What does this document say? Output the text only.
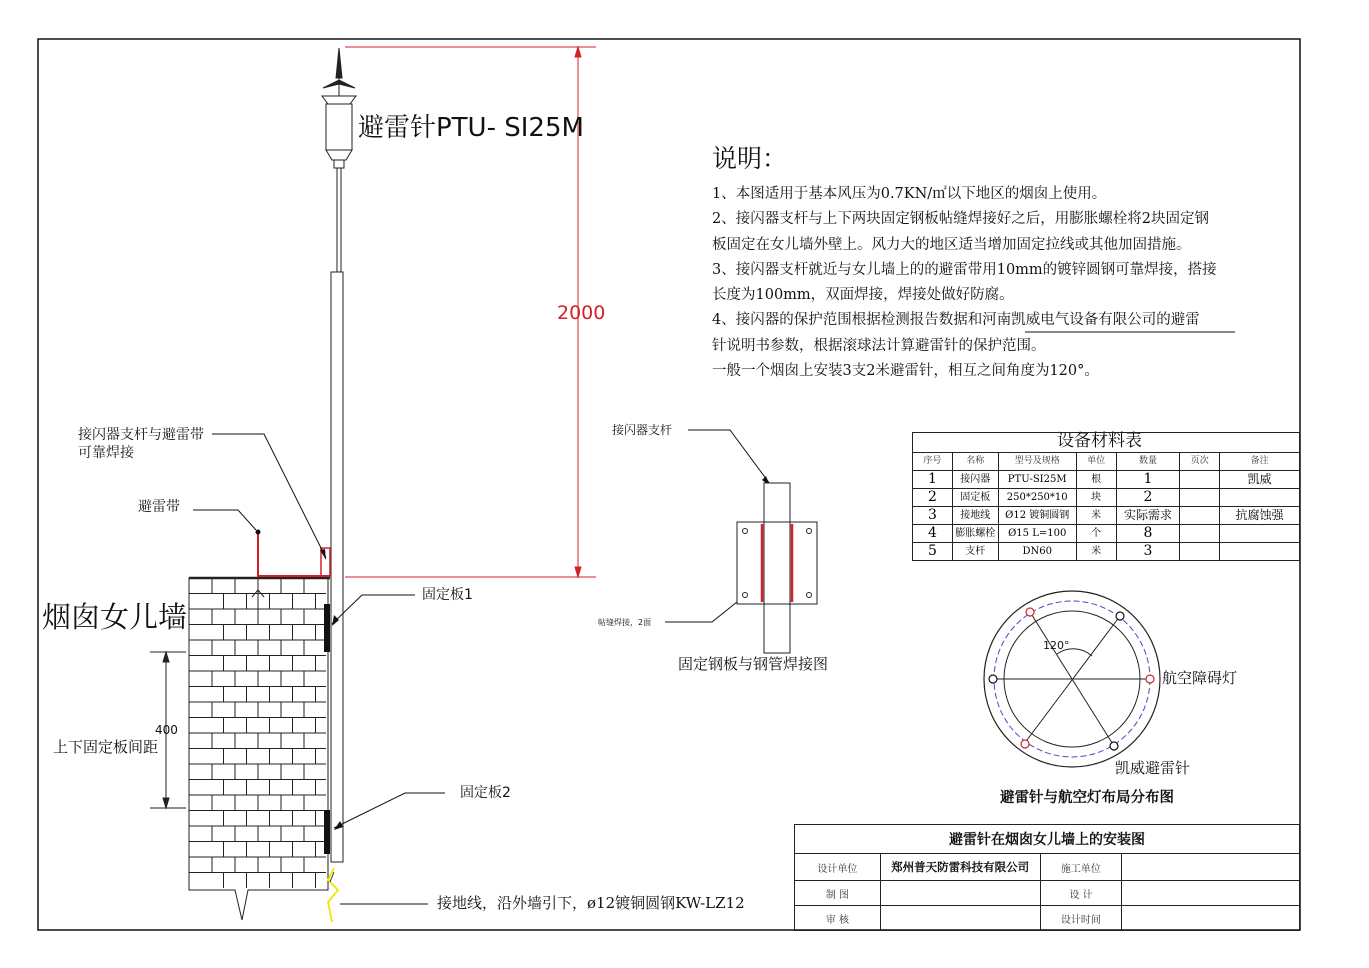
避雷针PTU- SI25M
2000
400
接闪器支杆与避雷带
可靠焊接
避雷带
烟囱女儿墙
上下固定板间距
固定板1
固定板2
接地线，沿外墙引下，ø12镀铜圆钢KW-LZ12
接闪器支杆
帖缝焊接，2面
固定钢板与钢管焊接图
120°
航空障碍灯
凯威避雷针
避雷针与航空灯布局分布图
说明：
1、本图适用于基本风压为0.7KN/㎡以下地区的烟囱上使用。
2、接闪器支杆与上下两块固定钢板帖缝焊接好之后，用膨胀螺栓将2块固定钢
板固定在女儿墙外壁上。风力大的地区适当增加固定拉线或其他加固措施。
3、接闪器支杆就近与女儿墙上的的避雷带用10mm的镀锌圆钢可靠焊接，搭接
长度为100mm，双面焊接，焊接处做好防腐。
4、接闪器的保护范围根据检测报告数据和河南凯威电气设备有限公司的避雷
针说明书参数，根据滚球法计算避雷针的保护范围。
一般一个烟囱上安装3支2米避雷针，相互之间角度为120°。
设备材料表
序号	名称	型号及规格	单位	数量	页次	备注
1	接闪器	PTU-SI25M	根	1		凯威
2	固定板	250*250*10	块	2		
3	接地线	Ø12 镀铜圆钢	米	实际需求		抗腐蚀强
4	膨胀螺栓	Ø15 L=100	个	8		
5	支杆	DN60	米	3		
避雷针在烟囱女儿墙上的安装图			
设计单位	郑州普天防雷科技有限公司	施工单位	
制 图		设 计	
审 核		设计时间	
